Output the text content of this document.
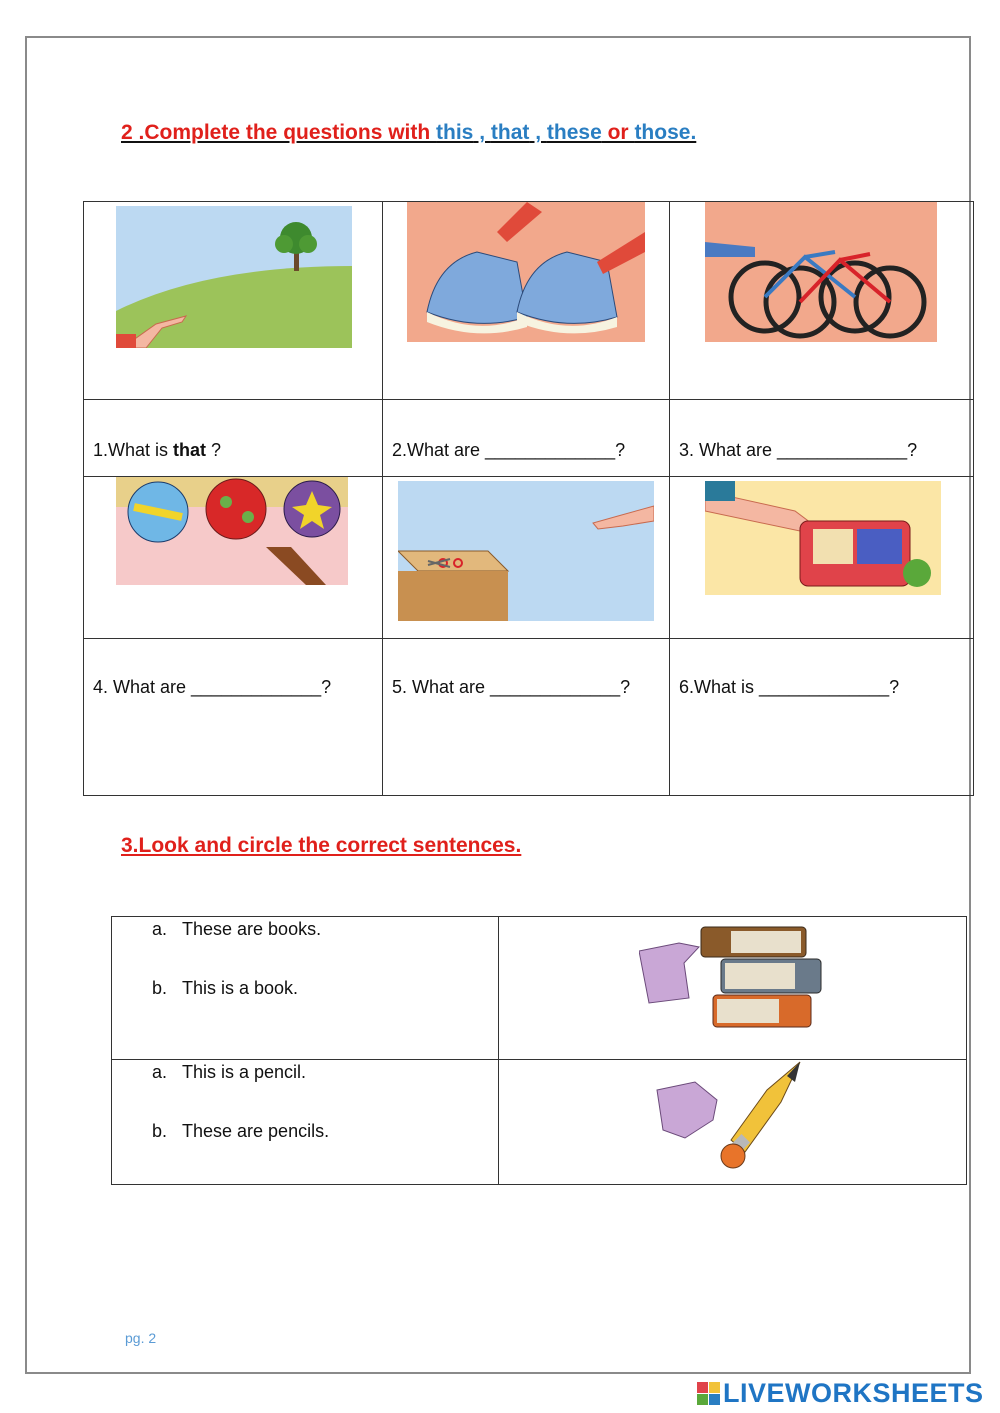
2 .Complete the questions with this , that , these or those.

1.What is that ?	2.What are _____________?	3. What are _____________?

4. What are _____________?	5. What are _____________?	6.What is _____________?
3.Look and circle the correct sentences.
a. These are books.
b. This is a book.

a. This is a pencil.
b. These are pencils.

pg. 2
LIVEWORKSHEETS
